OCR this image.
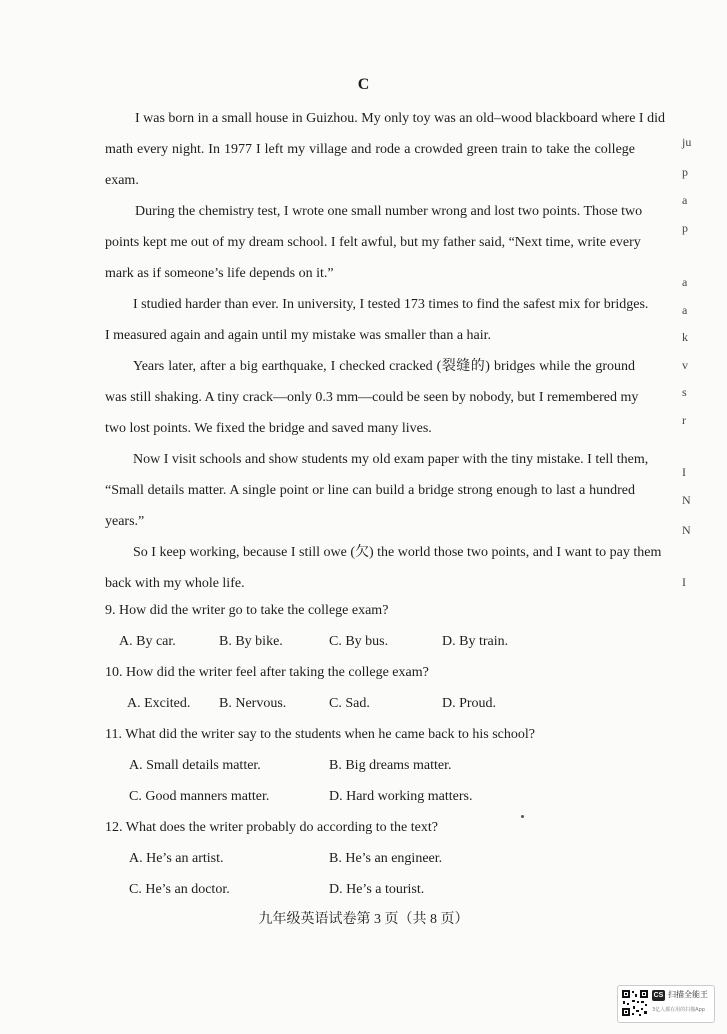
C
I was born in a small house in Guizhou. My only toy was an old–wood blackboard where I did
math every night. In 1977 I left my village and rode a crowded green train to take the college
exam.
During the chemistry test, I wrote one small number wrong and lost two points. Those two
points kept me out of my dream school. I felt awful, but my father said, “Next time, write every
mark as if someone’s life depends on it.”
I studied harder than ever. In university, I tested 173 times to find the safest mix for bridges.
I measured again and again until my mistake was smaller than a hair.
Years later, after a big earthquake, I checked cracked (裂缝的) bridges while the ground
was still shaking. A tiny crack—only 0.3 mm—could be seen by nobody, but I remembered my
two lost points. We fixed the bridge and saved many lives.
Now I visit schools and show students my old exam paper with the tiny mistake. I tell them,
“Small details matter. A single point or line can build a bridge strong enough to last a hundred
years.”
So I keep working, because I still owe (欠) the world those two points, and I want to pay them
back with my whole life.
9. How did the writer go to take the college exam?
A. By car.	B. By bike.	C. By bus.	D. By train.
10. How did the writer feel after taking the college exam?
A. Excited. B. Nervous.	C. Sad.	D. Proud.
11. What did the writer say to the students when he came back to his school?
A. Small details matter.	B. Big dreams matter.
C. Good manners matter.	D. Hard working matters.
12. What does the writer probably do according to the text?
A. He’s an artist.	B. He’s an engineer.
C. He’s an doctor.	D. He’s a tourist.
九年级英语试卷第 3 页（共 8 页）
ju
p
a
p
a
a
k
v
s
r
I
N
N
I
CS 扫描全能王
3亿人都在用的扫描App
